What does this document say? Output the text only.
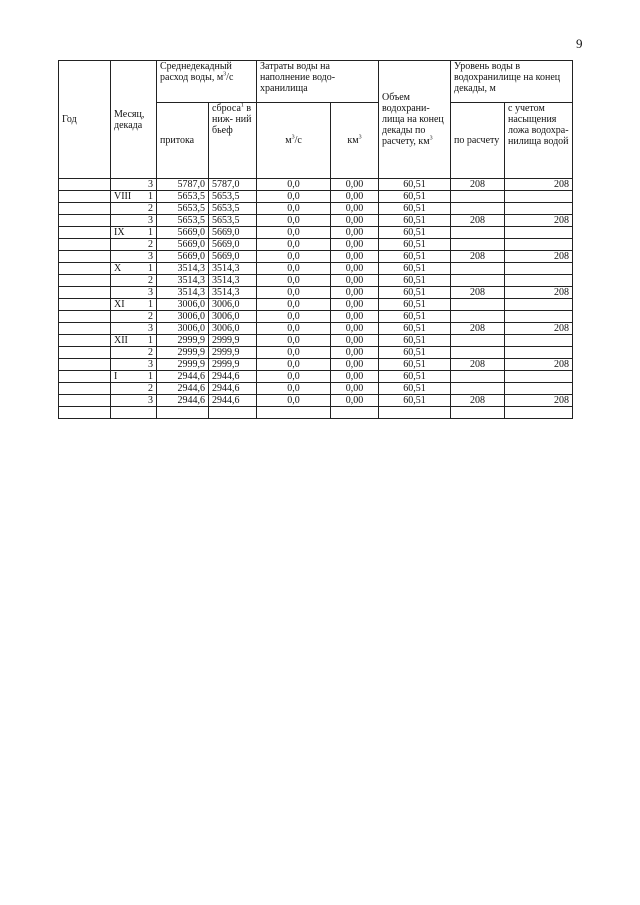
9
Год	Месяц, декада	Среднедекадный расход воды, $м^3/с$		Затраты воды на наполнение водо- хранилища		Объем водохрани- лища на конец декады по расчету, $км^3$	Уровень воды в водохранилище на конец декады, м	
		притока	сброса$^1$ в ниж- ний бьеф	$м^3/с$	$км^3$		по расчету	с учетом насыщения ложа водохра- нилища водой

	3	5787,0	5787,0	0,0	0,00	60,51	208	208

	VIII 1	5653,5	5653,5	0,0	0,00	60,51		

	2	5653,5	5653,5	0,0	0,00	60,51		

	3	5653,5	5653,5	0,0	0,00	60,51	208	208

	IX 1	5669,0	5669,0	0,0	0,00	60,51		

	2	5669,0	5669,0	0,0	0,00	60,51		

	3	5669,0	5669,0	0,0	0,00	60,51	208	208

	X 1	3514,3	3514,3	0,0	0,00	60,51		

	2	3514,3	3514,3	0,0	0,00	60,51		

	3	3514,3	3514,3	0,0	0,00	60,51	208	208

	XI 1	3006,0	3006,0	0,0	0,00	60,51		

	2	3006,0	3006,0	0,0	0,00	60,51		

	3	3006,0	3006,0	0,0	0,00	60,51	208	208

	XII 1	2999,9	2999,9	0,0	0,00	60,51		

	2	2999,9	2999,9	0,0	0,00	60,51		

	3	2999,9	2999,9	0,0	0,00	60,51	208	208

	I 1	2944,6	2944,6	0,0	0,00	60,51		

	2	2944,6	2944,6	0,0	0,00	60,51		

	3	2944,6	2944,6	0,0	0,00	60,51	208	208
